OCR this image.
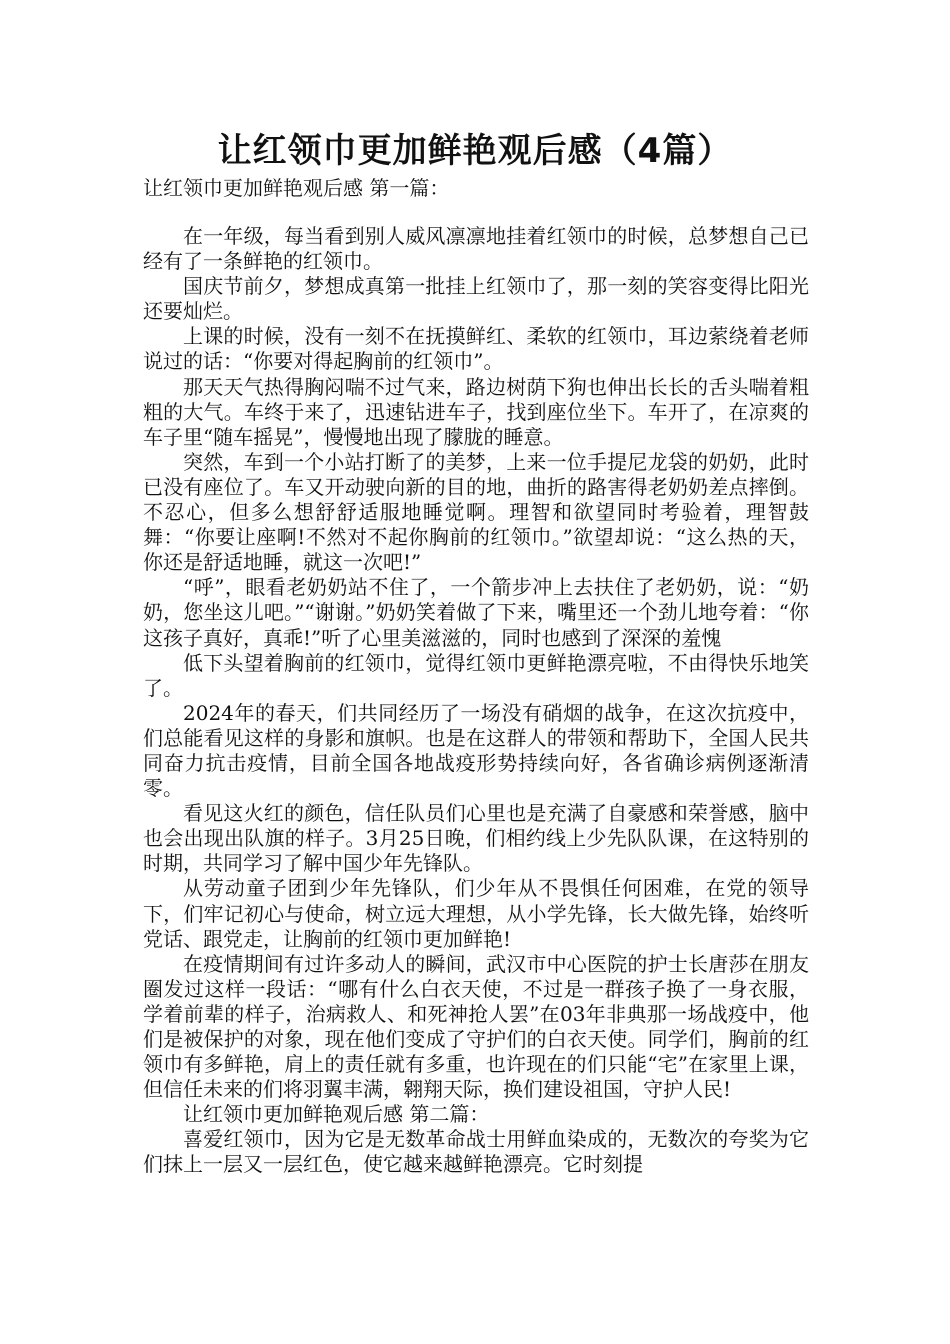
让红领巾更加鲜艳观后感（4篇）

让红领巾更加鲜艳观后感 第一篇：

在一年级，每当看到别人威风凛凛地挂着红领巾的时候，总梦想自己已经有了一条鲜艳的红领巾。

国庆节前夕，梦想成真第一批挂上红领巾了，那一刻的笑容变得比阳光还要灿烂。

上课的时候，没有一刻不在抚摸鲜红、柔软的红领巾，耳边萦绕着老师说过的话：“你要对得起胸前的红领巾”。

那天天气热得胸闷喘不过气来，路边树荫下狗也伸出长长的舌头喘着粗粗的大气。车终于来了，迅速钻进车子，找到座位坐下。车开了，在凉爽的车子里“随车摇晃”，慢慢地出现了朦胧的睡意。

突然，车到一个小站打断了的美梦，上来一位手提尼龙袋的奶奶，此时已没有座位了。车又开动驶向新的目的地，曲折的路害得老奶奶差点摔倒。不忍心，但多么想舒舒适服地睡觉啊。理智和欲望同时考验着，理智鼓舞：“你要让座啊!不然对不起你胸前的红领巾。”欲望却说：“这么热的天，你还是舒适地睡，就这一次吧!”

“呼”，眼看老奶奶站不住了，一个箭步冲上去扶住了老奶奶，说：“奶奶，您坐这儿吧。”“谢谢。”奶奶笑着做了下来，嘴里还一个劲儿地夸着：“你这孩子真好，真乖!”听了心里美滋滋的，同时也感到了深深的羞愧

低下头望着胸前的红领巾，觉得红领巾更鲜艳漂亮啦，不由得快乐地笑了。

2024年的春天，们共同经历了一场没有硝烟的战争，在这次抗疫中，们总能看见这样的身影和旗帜。也是在这群人的带领和帮助下，全国人民共同奋力抗击疫情，目前全国各地战疫形势持续向好，各省确诊病例逐渐清零。

看见这火红的颜色，信任队员们心里也是充满了自豪感和荣誉感，脑中也会出现出队旗的样子。3月25日晚，们相约线上少先队队课，在这特别的时期，共同学习了解中国少年先锋队。

从劳动童子团到少年先锋队，们少年从不畏惧任何困难，在党的领导下，们牢记初心与使命，树立远大理想，从小学先锋，长大做先锋，始终听党话、跟党走，让胸前的红领巾更加鲜艳!

在疫情期间有过许多动人的瞬间，武汉市中心医院的护士长唐莎在朋友圈发过这样一段话：“哪有什么白衣天使，不过是一群孩子换了一身衣服，学着前辈的样子，治病救人、和死神抢人罢”在03年非典那一场战疫中，他们是被保护的对象，现在他们变成了守护们的白衣天使。同学们，胸前的红领巾有多鲜艳，肩上的责任就有多重，也许现在的们只能“宅”在家里上课，但信任未来的们将羽翼丰满，翱翔天际，换们建设祖国，守护人民!

让红领巾更加鲜艳观后感 第二篇：

喜爱红领巾，因为它是无数革命战士用鲜血染成的，无数次的夸奖为它们抹上一层又一层红色，使它越来越鲜艳漂亮。它时刻提
